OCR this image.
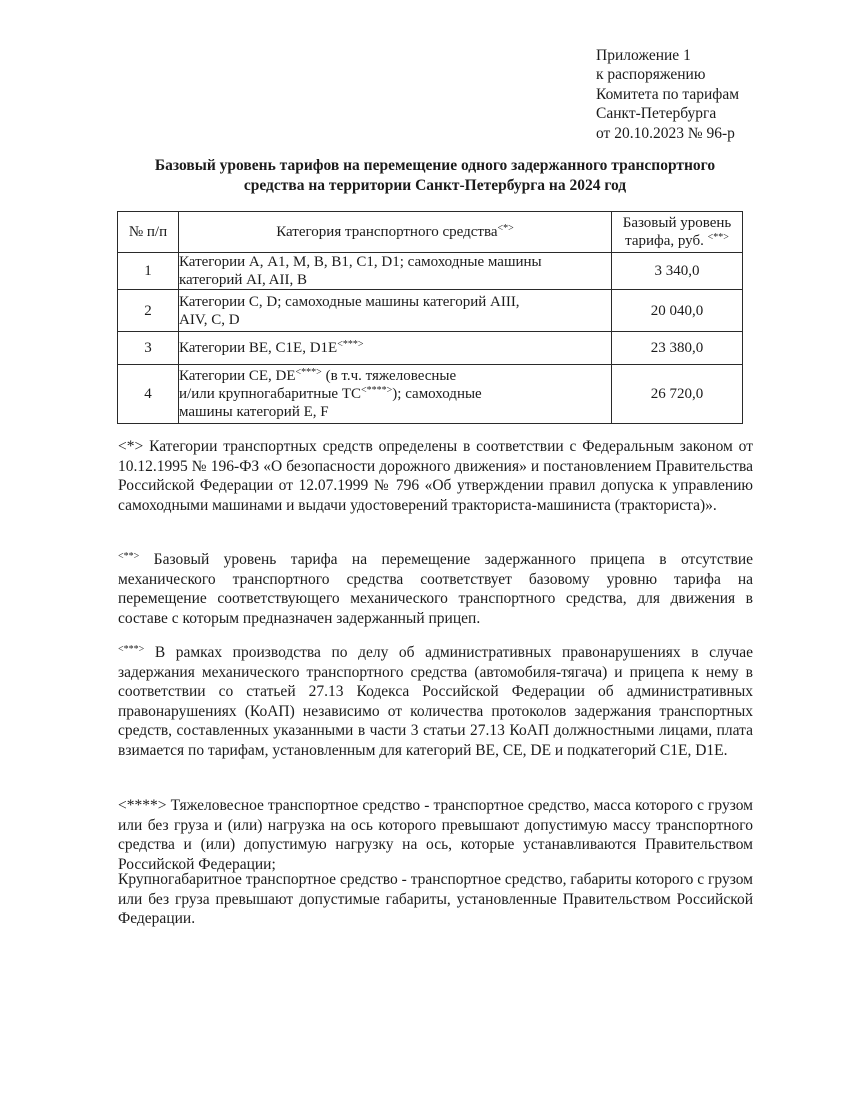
Приложение 1
к распоряжению
Комитета по тарифам
Санкт-Петербурга
от 20.10.2023 № 96-р
Базовый уровень тарифов на перемещение одного задержанного транспортного
средства на территории Санкт-Петербурга на 2024 год
№ п/п	Категория транспортного средства<*>	Базовый уровень
тарифа, руб. <**>

1	Категории А, А1, М, В, В1, С1, D1; самоходные машины
категорий AI, AII, B	3 340,0
2	Категории С, D; самоходные машины категорий АIII,
AIV, C, D	20 040,0
3	Категории ВЕ, С1Е, D1E<***>	23 380,0
4	Категории СЕ, DE<***> (в т.ч. тяжеловесные
и/или крупногабаритные ТС<****>); самоходные
машины категорий Е, F	26 720,0
<*> Категории транспортных средств определены в соответствии с Федеральным законом от 10.12.1995 № 196-ФЗ «О безопасности дорожного движения» и постановлением Правительства Российской Федерации от 12.07.1999 № 796 «Об утверждении правил допуска к управлению самоходными машинами и выдачи удостоверений тракториста-машиниста (тракториста)».
<**> Базовый уровень тарифа на перемещение задержанного прицепа в отсутствие механического транспортного средства соответствует базовому уровню тарифа на перемещение соответствующего механического транспортного средства, для движения в составе с которым предназначен задержанный прицеп.
<***> В рамках производства по делу об административных правонарушениях в случае задержания механического транспортного средства (автомобиля-тягача) и прицепа к нему в соответствии со статьей 27.13 Кодекса Российской Федерации об административных правонарушениях (КоАП) независимо от количества протоколов задержания транспортных средств, составленных указанными в части 3 статьи 27.13 КоАП должностными лицами, плата взимается по тарифам, установленным для категорий ВЕ, СЕ, DE и подкатегорий С1Е, D1E.
<****> Тяжеловесное транспортное средство - транспортное средство, масса которого с грузом или без груза и (или) нагрузка на ось которого превышают допустимую массу транспортного средства и (или) допустимую нагрузку на ось, которые устанавливаются Правительством Российской Федерации;
Крупногабаритное транспортное средство - транспортное средство, габариты которого с грузом или без груза превышают допустимые габариты, установленные Правительством Российской Федерации.
